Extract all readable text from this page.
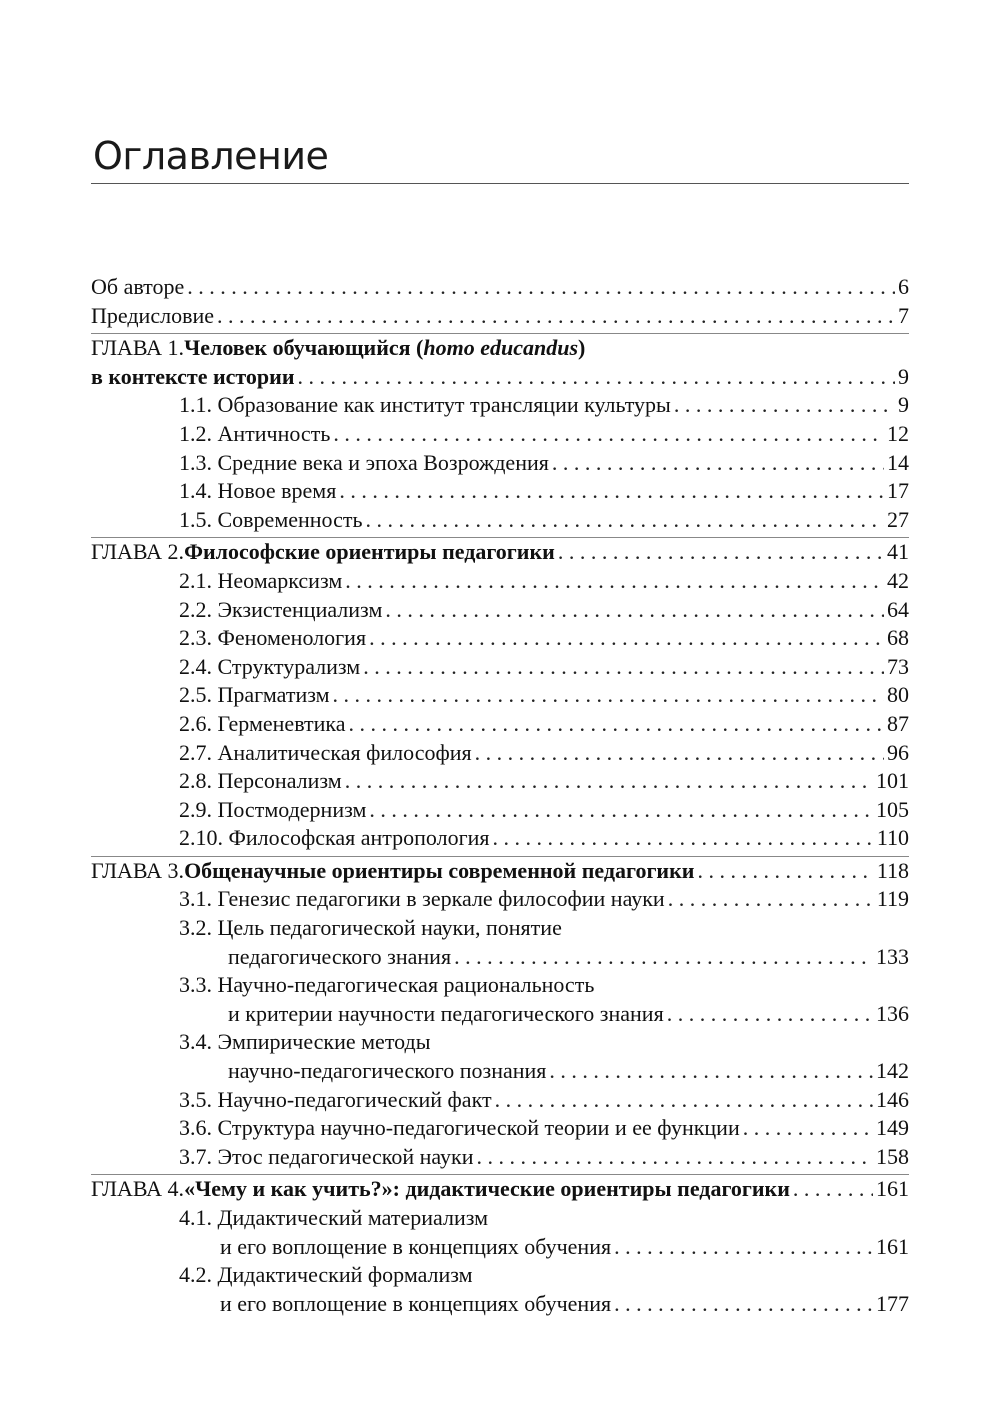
Оглавление
Об авторе . . .	6
Предисловие . . .	7
ГЛАВА 1. Человек обучающийся ( homo educandus )
в контексте истории . . .	9
1.1. Образование как институт трансляции культуры . . .	9
1.2. Античность . . .	12
1.3. Средние века и эпоха Возрождения . . .	14
1.4. Новое время . . .	17
1.5. Современность . . .	27
ГЛАВА 2. Философские ориентиры педагогики . . .	41
2.1. Неомарксизм . . .	42
2.2. Экзистенциализм . . .	64
2.3. Феноменология . . .	68
2.4. Структурализм . . .	73
2.5. Прагматизм . . .	80
2.6. Герменевтика . . .	87
2.7. Аналитическая философия . . .	96
2.8. Персонализм . . .	101
2.9. Постмодернизм . . .	105
2.10. Философская антропология . . .	110
ГЛАВА 3. Общенаучные ориентиры современной педагогики . . .	118
3.1. Генезис педагогики в зеркале философии науки . . .	119
3.2. Цель педагогической науки, понятие
педагогического знания . . .	133
3.3. Научно-педагогическая рациональность
и критерии научности педагогического знания . . .	136
3.4. Эмпирические методы
научно-педагогического познания . . .	142
3.5. Научно-педагогический факт . . .	146
3.6. Структура научно-педагогической теории и ее функции . . .	149
3.7. Этос педагогической науки . . .	158
ГЛАВА 4. «Чему и как учить?»: дидактические ориентиры педагогики . . .	161
4.1. Дидактический материализм
и его воплощение в концепциях обучения . . .	161
4.2. Дидактический формализм
и его воплощение в концепциях обучения . . .	177
